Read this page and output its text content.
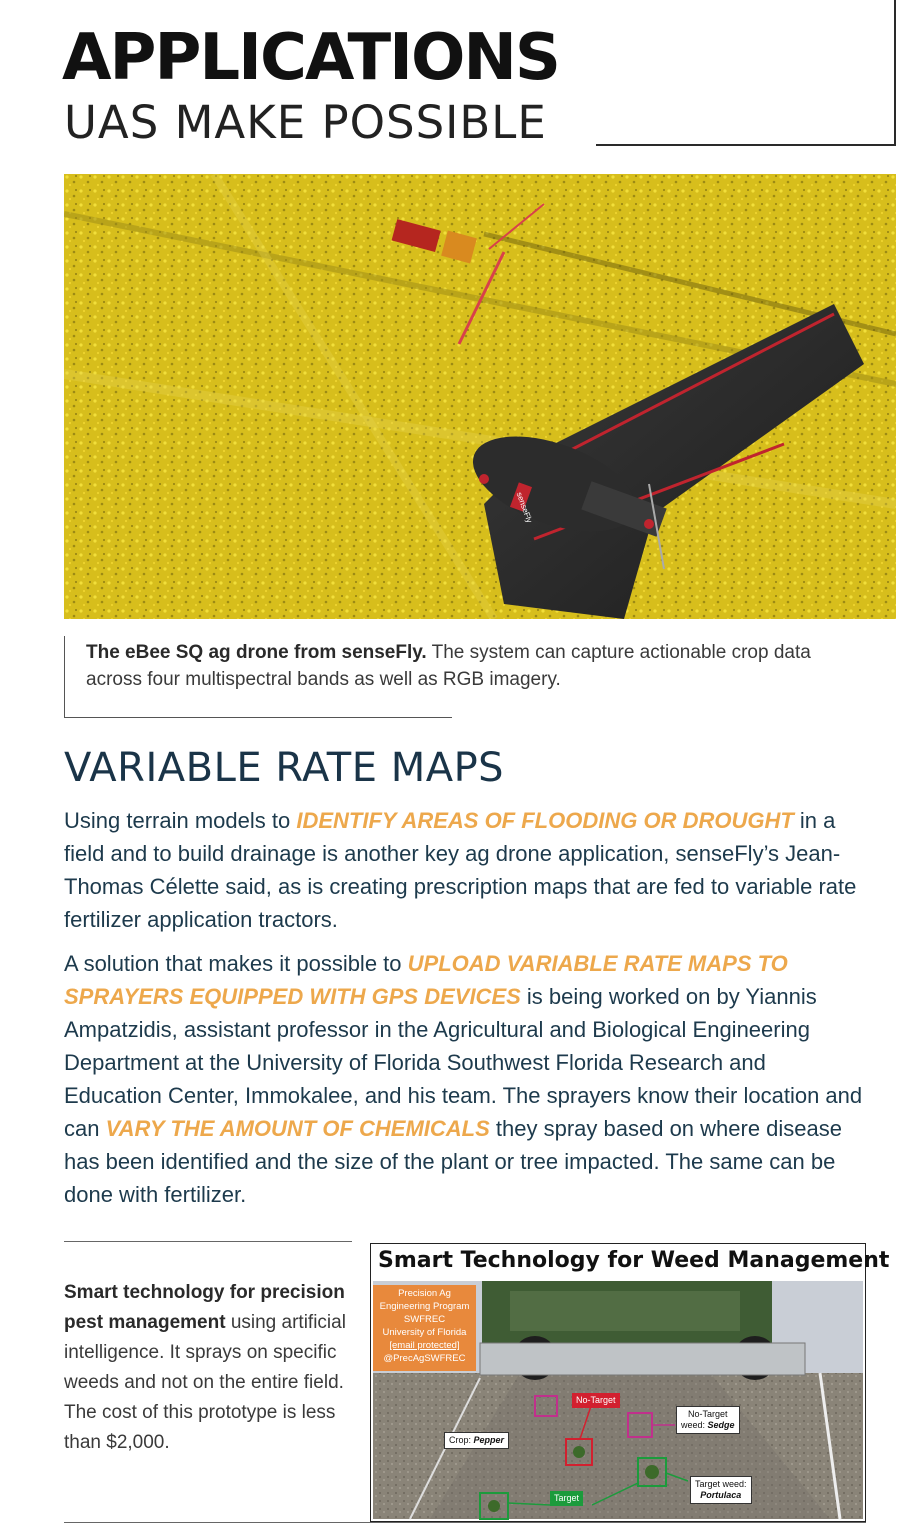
APPLICATIONS
UAS MAKE POSSIBLE
senseFly

The eBee SQ ag drone from senseFly. The system can capture actionable crop data across four multispectral bands as well as RGB imagery.

VARIABLE RATE MAPS

Using terrain models to IDENTIFY AREAS OF FLOODING OR DROUGHT in a field and to build drainage is another key ag drone application, senseFly’s Jean-Thomas Célette said, as is creating prescription maps that are fed to variable rate fertilizer application tractors.

A solution that makes it possible to UPLOAD VARIABLE RATE MAPS TO SPRAYERS EQUIPPED WITH GPS DEVICES is being worked on by Yiannis Ampatzidis, assistant professor in the Agricultural and Biological Engineering Department at the University of Florida Southwest Florida Research and Education Center, Immokalee, and his team. The sprayers know their location and can VARY THE AMOUNT OF CHEMICALS they spray based on where disease has been identified and the size of the plant or tree impacted. The same can be done with fertilizer.

Smart technology for precision pest management using artificial intelligence. It sprays on specific weeds and not on the entire field. The cost of this prototype is less than $2,000.

Smart Technology for Weed Management
Precision Ag
Engineering Program
SWFREC
University of Florida
[email protected]
@PrecAgSWFREC
No-Target
No-Target
weed: Sedge
Crop: Pepper
Target
Target weed:
Portulaca
